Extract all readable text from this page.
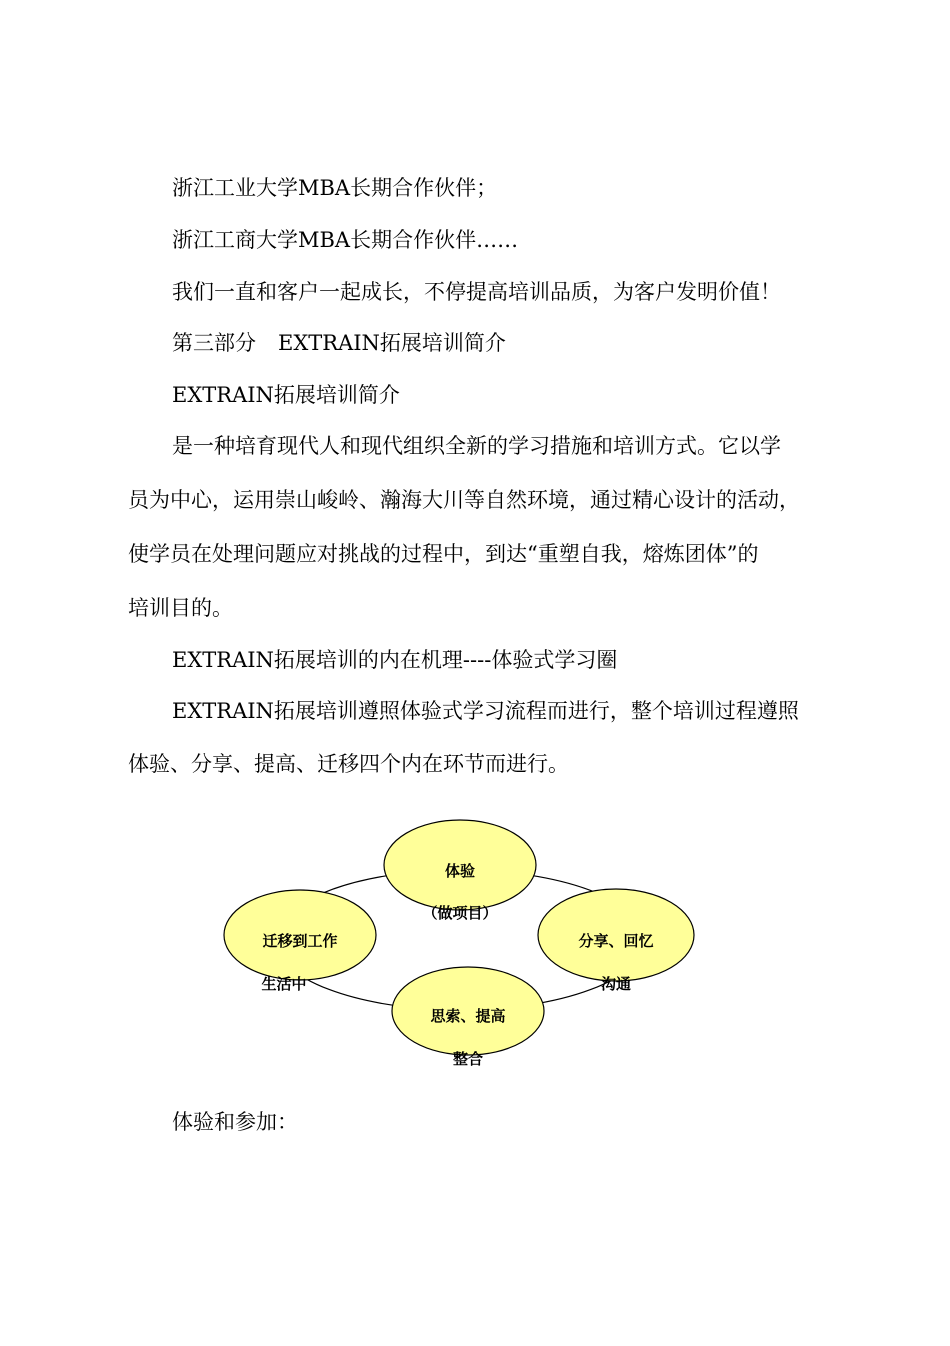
浙江工业大学MBA长期合作伙伴；
浙江工商大学MBA长期合作伙伴……
我们一直和客户一起成长，不停提高培训品质，为客户发明价值！
第三部分 EXTRAIN拓展培训简介
EXTRAIN拓展培训简介
是一种培育现代人和现代组织全新的学习措施和培训方式。它以学
员为中心，运用崇山峻岭、瀚海大川等自然环境，通过精心设计的活动，
使学员在处理问题应对挑战的过程中，到达“重塑自我，熔炼团体”的
培训目的。
EXTRAIN拓展培训的内在机理----体验式学习圈
EXTRAIN拓展培训遵照体验式学习流程而进行，整个培训过程遵照
体验、分享、提高、迁移四个内在环节而进行。
体验
分享、回忆
思索、提高
迁移到工作
（做项目）
沟通
整合
生活中
体验和参加：
